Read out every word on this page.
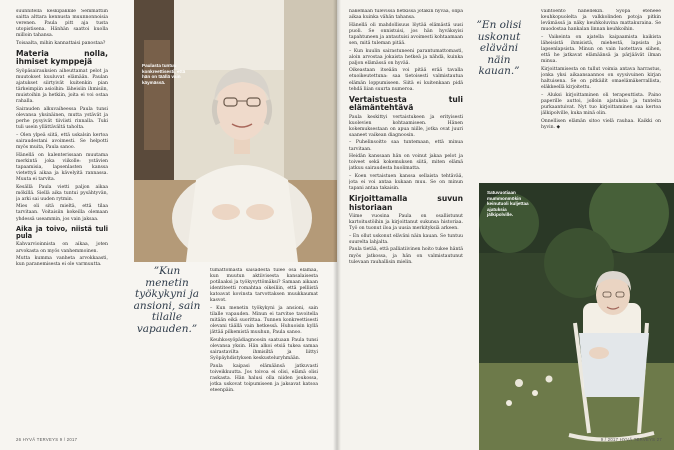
suunnitella keskipakkile Semmattiin saitta alttara kennusta muunnonnoisia verenen. Paula pitt aja tusta utopistisena. Hänhän saattoi kuolla milloin tahansa.

Toisaalta, mihin kannattaisi panostaa?

Materia nolla, ihmiset kymppejä

Syöpäsairauksien aiheuttamat pelot ja muutokset kuuluvat elämään. Paulan ajatukset siirtyivät kuitenkin pian tärkeimpiin asioihin: läheisiin ihmisiin, muistoihin ja hetkiin, joita ei voi ostaa rahalla.

Sairauden alkuvaiheessa Paula tunsi olevansa yksinäinen, mutta ystävät ja perhe pysyivät tiiviisti rinnalla. Tuki tuli usein yllättävältä taholta.

– Olen ylpeä siitä, että uskalsin kertoa sairaudestani avoimesti. Se helpotti myös muita, Paula sanoo.

Hänellä on kalenterissaan muutama merkintä joka viikolle: ystävien tapaamisia, lapsenlasten kanssa vietettyä aikaa ja kävelyitä rannassa. Muuta ei tarvita.

Kesällä Paula vietti paljon aikaa mökillä. Siellä aika tuntui pysähtyvän, ja arki sai uuden rytmin.

Mies oli sitä mieltä, että tilaa tarvitaan. Voitaisiin kokeilla olemaan yhdessä useammin, jos vain jaksaa.

Aika ja toivo, niistä tuli pula

Kahvarvioinnista on aikaa, joten arvokasta on myös vanhemmoinen.

Mutta kumma vanheta arvokkaasti, kun paranemisesta ei ole varmuutta.

Paulasta tuntuu konkreettisesti, että hän on täällä vain käymässä.
”Kun menetin työkykyni ja ansioni, sain tilalle vapauden.”

tumattomasta saisadesta tulee osa elämää, kun muutun aktiivisesta kansalaisesta potilaaksi ja työkyvyttömäksi? Samaan aikaan identiteetti romahtaa oikeiliin, että pelliistä katoavat kovinsta tarvottaksen muukkaumat kasvot.

– Kun menetin työkykyni ja ansioni, sain tilalle vapauden. Minun ei tarvitse tavoitella mitään eikä suorittaa. Tunnen konkreettisesti olevani täällä vain hetkessä. Huhuoisin kyllä jättää pilkemistä muuhun, Paula sanoo.

Keuhkosyöpädiagnoosin saatuaan Paula tunsi olevansa yksin. Hän alkoi etsiä tukea samaa sairastavilta ihmisiltä ja liittyi Syöpäyhdistyksen keskusteluryhmään.

Paula kaipasi elämäänsä jatkuvasti toiveikkuutta. Jos toivoa ei olisi, elämä olisi raskasta. Hän halusi olla niiden joukossa, jotka uskovat toipumiseen ja jaksavat katsoa eteenpäin.

26 HYVÄ TERVEYS 9 / 2017

näkemään tulevissa hetkissä jotakin hyvää, olipa aikaa kuinka vähän tahansa.

Hänellä oli mahdollisuus löytää elämästä uusi puoli. Se onnistuisi, jos hän hyväksyisi tapahtuneen ja antautuisi avoimesti kohtaamaan sen, mitä tuleman pitää.

– Kun kuulin sairastuneeni parantumattomasti, aloin arvostaa jokaista hetkeä ja nähdä, kuinka paljon elämässä on hyvää.

Oikeastaan itseään voi pitää erää tavalla etuoikeutettuna: saa tietoisesti valmistautua elämän loppumiseen. Siitä ei kuitenkaan pidä tehdä liian suurta numeroa.

Vertaistuesta tuli elämäntehtävä

Paula keskittyi vertaistukeen ja erityisesti kuolevien kohtaamiseen. Hänen kokemuksestaan on apua niille, jotka ovat juuri saaneet vaikean diagnoosin.

– Puhelinsoitto saa tuntemaan, että minua tarvitaan.

Heidän kanssaan hän on voinut jakaa pelot ja toiveet sekä kokemuksen siitä, miten elämä jatkuu sairaudesta huolimatta.

– Koen vertaistuen kanssa sellaista tehtävää, jota ei voi antaa kukaan muu. Se on minun tapani antaa takaisin.

Kirjoittamalla suvun historiaan

Viime vuosina Paula on osallistunut kartoitustöihin ja kirjoittanut sukunsa historiaa. Työ on tuonut iloa ja uusia merkityksiä arkeen.

– En ollut uskonut eläväni näin kauan. Se tuntuu suurelta lahjalta.

Paula tietää, että palliatiivinen hoito tukee häntä myös jatkossa, ja hän on valmistautunut tulevaan rauhallisin mielin.

”En olisi uskonut eläväni näin kauan.”

vaihtoehto hänellekin. Syöpä eteneee keuhkopuolelta ja valkkolinden potoja pitkin levämässä ja näky keuhkoluvina mattakuraina. Se muodostaa hankalan linnan keuhkoihin.

– Vaikeinta on ajatella kaipaamista kaikista läheisistä ihmisistä, miehestä, lapsista ja lapsenlapsista. Minun on vain luotettava siihen, että he jatkavat elämäänsä ja pärjäävät ilman minua.

Kirjoittamisesta on tullut voimia antava harrastus, jonka yksi aikaansaannos on syysivuinen kirjan haltuisena. Se on pitkäilit omaelämäkerrallista, eläkkeellä kirjoitettu.

– Aluksi kirjoittaminen oli terapeuttista. Paino paperille auttoi, jolloin ajatuksia ja tunteita purkaantuivat. Nyt tuo kirjoittaminen saa kertoa jälkipolville, kuka minä olin.

Onnellisen elämän sitoo vielä rauhaa. Kaikki on hyvin. ◆

Satuvuotiaan mummonmökin keinutuoli kuljettaa ajatuksia jälkipolville.
9 / 2017 HYVÄ TERVEYS 27
